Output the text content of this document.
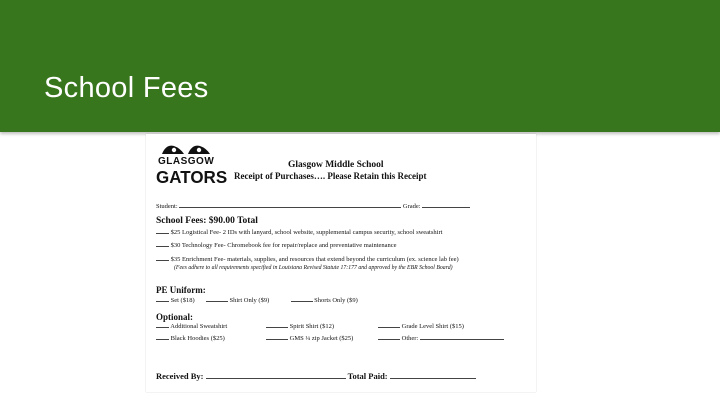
School Fees
GLASGOW
GATORS
Glasgow Middle School
Receipt of Purchases…. Please Retain this Receipt
Student:	Grade:
School Fees: $90.00 Total
$25 Logistical Fee- 2 IDs with lanyard, school website, supplemental campus security, school sweatshirt
$30 Technology Fee- Chromebook fee for repair/replace and preventative maintenance
$35 Enrichment Fee- materials, supplies, and resources that extend beyond the curriculum (ex. science lab fee)
(Fees adhere to all requirements specified in Louisiana Revised Statute 17:177 and approved by the EBR School Board)
PE Uniform:
Set ($18)	Shirt Only ($9)	Shorts Only ($9)
Optional:
Additional Sweatshirt	Spirit Shirt ($12)	Grade Level Shirt ($15)
Black Hoodies ($25)	GMS ¼ zip Jacket ($25)	Other:
Received By:	Total Paid:
